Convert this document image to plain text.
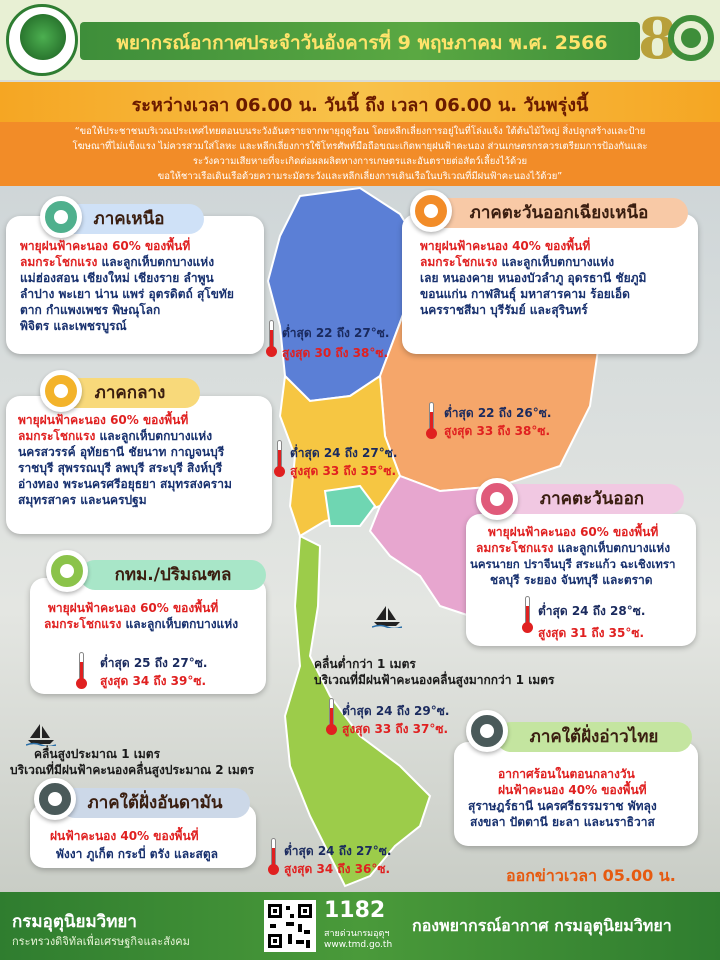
พยากรณ์อากาศประจำวันอังคารที่ 9 พฤษภาคม พ.ศ. 2566 8
ระหว่างเวลา 06.00 น. วันนี้ ถึง เวลา 06.00 น. วันพรุ่งนี้

“ขอให้ประชาชนบริเวณประเทศไทยตอนบนระวังอันตรายจากพายุฤดูร้อน โดยหลีกเลี่ยงการอยู่ในที่โล่งแจ้ง ใต้ต้นไม้ใหญ่ สิ่งปลูกสร้างและป้าย

โฆษณาที่ไม่แข็งแรง ไม่ควรสวมใส่โลหะ และหลีกเลี่ยงการใช้โทรศัพท์มือถือขณะเกิดพายุฝนฟ้าคะนอง ส่วนเกษตรกรควรเตรียมการป้องกันและ

ระวังความเสียหายที่จะเกิดต่อผลผลิตทางการเกษตรและอันตรายต่อสัตว์เลี้ยงไว้ด้วย

ขอให้ชาวเรือเดินเรือด้วยความระมัดระวังและหลีกเลี่ยงการเดินเรือในบริเวณที่มีฝนฟ้าคะนองไว้ด้วย”

ภาคเหนือ
พายุฝนฟ้าคะนอง 60% ของพื้นที่
ลมกระโชกแรง และลูกเห็บตกบางแห่ง
แม่ฮ่องสอน เชียงใหม่ เชียงราย ลำพูน
ลำปาง พะเยา น่าน แพร่ อุตรดิตถ์ สุโขทัย
ตาก กำแพงเพชร พิษณุโลก
พิจิตร และเพชรบูรณ์	ต่ำสุด 22 ถึง 27°ซ.
สูงสุด 30 ถึง 38°ซ.
ภาคตะวันออกเฉียงเหนือ
พายุฝนฟ้าคะนอง 40% ของพื้นที่
ลมกระโชกแรง และลูกเห็บตกบางแห่ง
เลย หนองคาย หนองบัวลำภู อุดรธานี ชัยภูมิ
ขอนแก่น กาฬสินธุ์ มหาสารคาม ร้อยเอ็ด
นครราชสีมา บุรีรัมย์ และสุรินทร์
ต่ำสุด 22 ถึง 26°ซ.
สูงสุด 33 ถึง 38°ซ.
ภาคกลาง
พายุฝนฟ้าคะนอง 60% ของพื้นที่
ลมกระโชกแรง และลูกเห็บตกบางแห่ง
นครสวรรค์ อุทัยธานี ชัยนาท กาญจนบุรี
ราชบุรี สุพรรณบุรี ลพบุรี สระบุรี สิงห์บุรี
อ่างทอง พระนครศรีอยุธยา สมุทรสงคราม
สมุทรสาคร และนครปฐม
ต่ำสุด 24 ถึง 27°ซ.
สูงสุด 33 ถึง 35°ซ.
ภาคตะวันออก
พายุฝนฟ้าคะนอง 60% ของพื้นที่
ลมกระโชกแรง และลูกเห็บตกบางแห่ง
นครนายก ปราจีนบุรี สระแก้ว ฉะเชิงเทรา
ชลบุรี ระยอง จันทบุรี และตราด
ต่ำสุด 24 ถึง 28°ซ.
สูงสุด 31 ถึง 35°ซ.
กทม./ปริมณฑล
พายุฝนฟ้าคะนอง 60% ของพื้นที่
ลมกระโชกแรง และลูกเห็บตกบางแห่ง
ต่ำสุด 25 ถึง 27°ซ.
สูงสุด 34 ถึง 39°ซ.
คลื่นต่ำกว่า 1 เมตร
บริเวณที่มีฝนฟ้าคะนองคลื่นสูงมากกว่า 1 เมตร
ต่ำสุด 24 ถึง 29°ซ.
สูงสุด 33 ถึง 37°ซ.	ภาคใต้ฝั่งอ่าวไทย
อากาศร้อนในตอนกลางวัน
ฝนฟ้าคะนอง 40% ของพื้นที่
สุราษฎร์ธานี นครศรีธรรมราช พัทลุง
สงขลา ปัตตานี ยะลา และนราธิวาส
คลื่นสูงประมาณ 1 เมตร
บริเวณที่มีฝนฟ้าคะนองคลื่นสูงประมาณ 2 เมตร
ภาคใต้ฝั่งอันดามัน
ฝนฟ้าคะนอง 40% ของพื้นที่
พังงา ภูเก็ต กระบี่ ตรัง และสตูล	ต่ำสุด 24 ถึง 27°ซ.
สูงสุด 34 ถึง 36°ซ.	ออกข่าวเวลา 05.00 น.
กรมอุตุนิยมวิทยา
กระทรวงดิจิทัลเพื่อเศรษฐกิจและสังคม
1182
สายด่วนกรมอุตุฯ
www.tmd.go.th
กองพยากรณ์อากาศ กรมอุตุนิยมวิทยา
